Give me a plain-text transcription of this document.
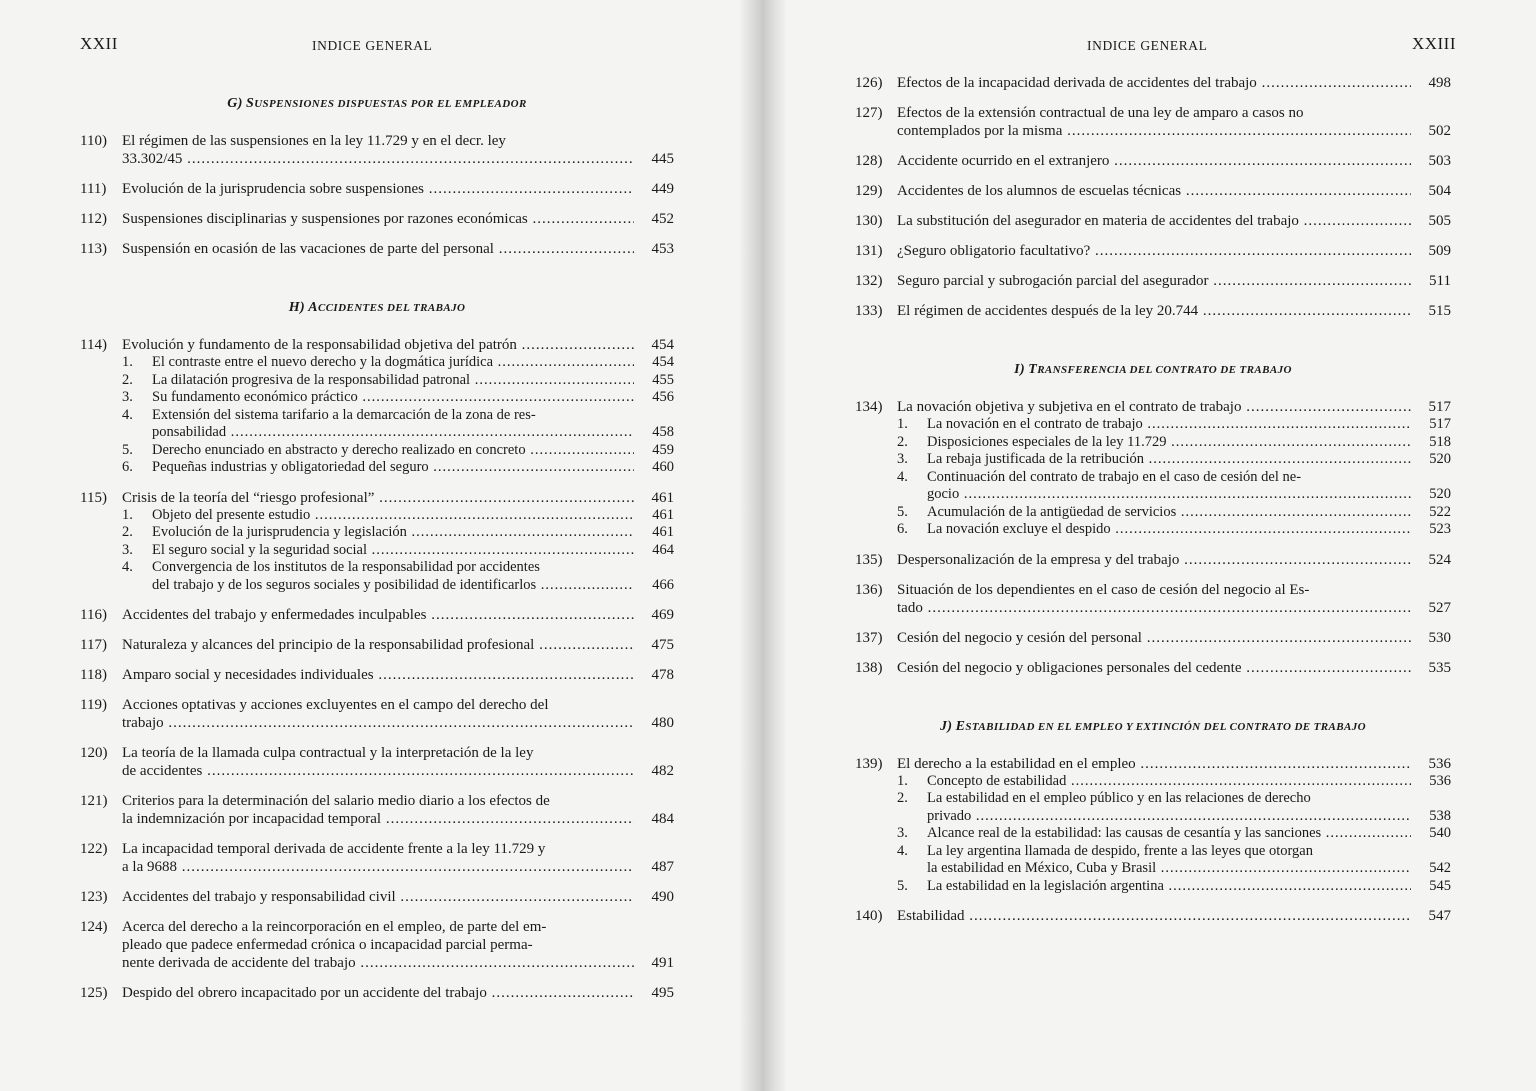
XXII	INDICE GENERAL
G) SUSPENSIONES DISPUESTAS POR EL EMPLEADOR
110)	El régimen de las suspensiones en la ley 11.729 y en el decr. ley
33.302/45 .....	445
111)	Evolución de la jurisprudencia sobre suspensiones .....	449
112)	Suspensiones disciplinarias y suspensiones por razones económicas .....	452
113)	Suspensión en ocasión de las vacaciones de parte del personal .....	453
H) ACCIDENTES DEL TRABAJO
114)	Evolución y fundamento de la responsabilidad objetiva del patrón .....	454
1.	El contraste entre el nuevo derecho y la dogmática jurídica .....	454
2.	La dilatación progresiva de la responsabilidad patronal .....	455
3.	Su fundamento económico práctico .....	456
4.	Extensión del sistema tarifario a la demarcación de la zona de res-
ponsabilidad .....	458
5.	Derecho enunciado en abstracto y derecho realizado en concreto .....	459
6.	Pequeñas industrias y obligatoriedad del seguro .....	460
115)	Crisis de la teoría del “riesgo profesional” .....	461
1.	Objeto del presente estudio .....	461
2.	Evolución de la jurisprudencia y legislación .....	461
3.	El seguro social y la seguridad social .....	464
4.	Convergencia de los institutos de la responsabilidad por accidentes
del trabajo y de los seguros sociales y posibilidad de identificarlos .....	466
116)	Accidentes del trabajo y enfermedades inculpables .....	469
117)	Naturaleza y alcances del principio de la responsabilidad profesional .....	475
118)	Amparo social y necesidades individuales .....	478
119)	Acciones optativas y acciones excluyentes en el campo del derecho del
trabajo .....	480
120) La teoría de la llamada culpa contractual y la interpretación de la ley
de accidentes .....	482
121) Criterios para la determinación del salario medio diario a los efectos de
la indemnización por incapacidad temporal .....	484
122) La incapacidad temporal derivada de accidente frente a la ley 11.729 y
a la 9688 .....	487
123) Accidentes del trabajo y responsabilidad civil .....	490
124) Acerca del derecho a la reincorporación en el empleo, de parte del em-
pleado que padece enfermedad crónica o incapacidad parcial perma-
nente derivada de accidente del trabajo .....	491
125) Despido del obrero incapacitado por un accidente del trabajo .....	495
INDICE GENERAL	XXIII
126) Efectos de la incapacidad derivada de accidentes del trabajo .....	498
127) Efectos de la extensión contractual de una ley de amparo a casos no
contemplados por la misma .....	502
128) Accidente ocurrido en el extranjero .....	503
129) Accidentes de los alumnos de escuelas técnicas .....	504
130) La substitución del asegurador en materia de accidentes del trabajo .....	505
131) ¿Seguro obligatorio facultativo? .....	509
132) Seguro parcial y subrogación parcial del asegurador .....	511
133) El régimen de accidentes después de la ley 20.744 .....	515
I) TRANSFERENCIA DEL CONTRATO DE TRABAJO
134) La novación objetiva y subjetiva en el contrato de trabajo .....	517
1.	La novación en el contrato de trabajo .....	517
2.	Disposiciones especiales de la ley 11.729 .....	518
3.	La rebaja justificada de la retribución .....	520
4.	Continuación del contrato de trabajo en el caso de cesión del ne-
gocio .....	520
5.	Acumulación de la antigüedad de servicios .....	522
6.	La novación excluye el despido .....	523
135) Despersonalización de la empresa y del trabajo .....	524
136) Situación de los dependientes en el caso de cesión del negocio al Es-
tado .....	527
137) Cesión del negocio y cesión del personal .....	530
138) Cesión del negocio y obligaciones personales del cedente .....	535
J) ESTABILIDAD EN EL EMPLEO Y EXTINCIÓN DEL CONTRATO DE TRABAJO
139) El derecho a la estabilidad en el empleo .....	536
1.	Concepto de estabilidad .....	536
2.	La estabilidad en el empleo público y en las relaciones de derecho
privado .....	538
3.	Alcance real de la estabilidad: las causas de cesantía y las sanciones .....	540
4.	La ley argentina llamada de despido, frente a las leyes que otorgan
la estabilidad en México, Cuba y Brasil .....	542
5.	La estabilidad en la legislación argentina .....	545
140) Estabilidad .....	547
